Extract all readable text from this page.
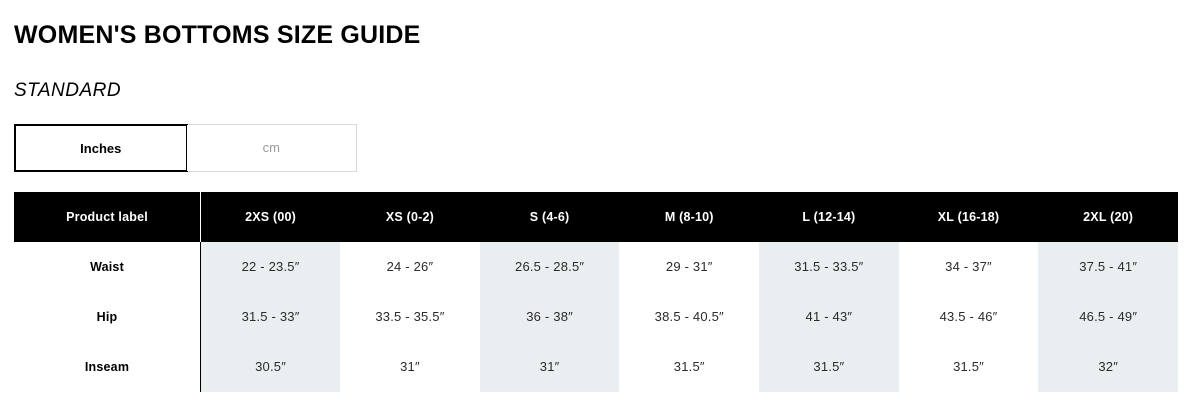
WOMEN'S BOTTOMS SIZE GUIDE
STANDARD
Inches	cm
Product label	2XS (00)	XS (0-2)	S (4-6)	M (8-10)	L (12-14)	XL (16-18)	2XL (20)
Waist	22 - 23.5″	24 - 26″	26.5 - 28.5″	29 - 31″	31.5 - 33.5″	34 - 37″	37.5 - 41″
Hip	31.5 - 33″	33.5 - 35.5″	36 - 38″	38.5 - 40.5″	41 - 43″	43.5 - 46″	46.5 - 49″
Inseam	30.5″	31″	31″	31.5″	31.5″	31.5″	32″
